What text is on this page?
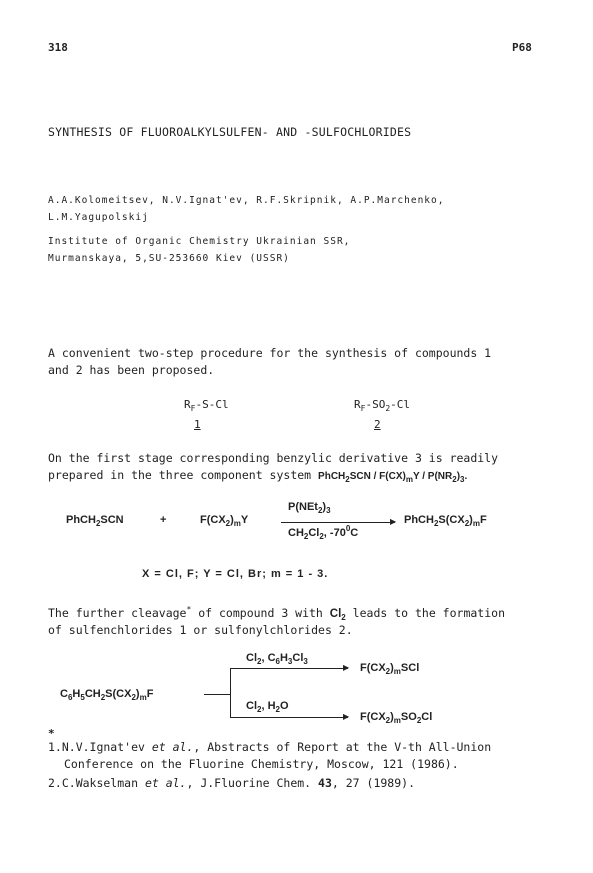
318	P68
SYNTHESIS OF FLUOROALKYLSULFEN- AND -SULFOCHLORIDES
A.A.Kolomeitsev, N.V.Ignat'ev, R.F.Skripnik, A.P.Marchenko,
L.M.Yagupolskij
Institute of Organic Chemistry Ukrainian SSR,
Murmanskaya, 5,SU-253660 Kiev (USSR)
A convenient two-step procedure for the synthesis of compounds 1
and 2 has been proposed.
$R_F-S-Cl$
1
$R_F-SO_2-Cl$
2
On the first stage corresponding benzylic derivative 3 is readily
prepared in the three component system PhCH$_2$SCN / $F(CX)_mY / P(NR_2)_3$.
PhCH$_2$SCN	+	$F(CX_2)_mY$
$P(NEt_2)_3$
▶
$CH_2Cl_2$, $-70^0C$
$PhCH_2S(CX_2)_mF$
X = Cl, F; Y = Cl, Br; m = 1 - 3.
The further cleavage* of compound 3 with $Cl_2$ leads to the formation
of sulfenchlorides 1 or sulfonylchlorides 2.
$C_6H_5CH_2S(CX_2)_mF$
▶
▶
$Cl_2$, $C_6H_3Cl_3$
$F(CX_2)_mSCl$
$Cl_2$, $H_2O$
$F(CX_2)_mSO_2Cl$
*
1.N.V.Ignat'ev et al., Abstracts of Report at the V-th All-Union
Conference on the Fluorine Chemistry, Moscow, 121 (1986).
2.C.Wakselman et al., J.Fluorine Chem. 43, 27 (1989).
